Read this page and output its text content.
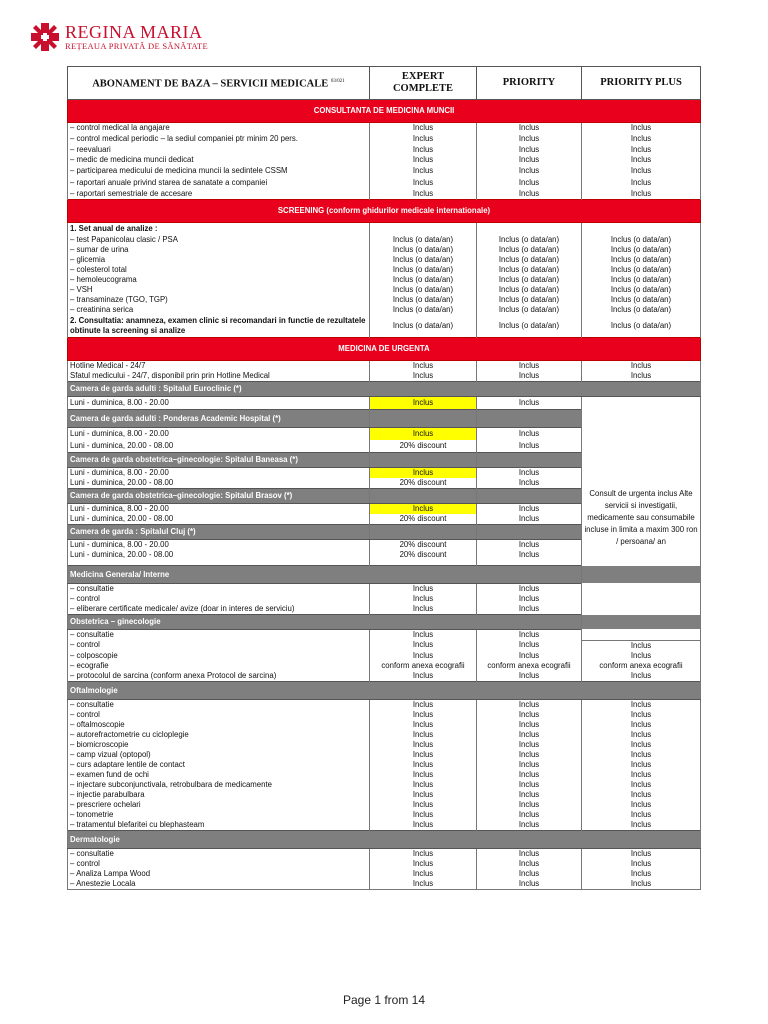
REGINA MARIA
REȚEAUA PRIVATĂ DE SĂNĂTATE
ABONAMENT DE BAZA – SERVICII MEDICALE $^{03/021}$	EXPERT COMPLETE	PRIORITY	PRIORITY PLUS	
CONSULTANTA DE MEDICINA MUNCII				
– control medical la angajare	Inclus	Inclus	Inclus	
– control medical periodic – la sediul companiei ptr minim 20 pers.	Inclus	Inclus	Inclus	
– reevaluari	Inclus	Inclus	Inclus	
– medic de medicina muncii dedicat	Inclus	Inclus	Inclus	
– participarea medicului de medicina muncii la sedintele CSSM	Inclus	Inclus	Inclus	
– raportari anuale privind starea de sanatate a companiei	Inclus	Inclus	Inclus	
– raportari semestriale de accesare	Inclus	Inclus	Inclus	
SCREENING (conform ghidurilor medicale internationale)				
1. Set anual de analize :				
– test Papanicolau clasic / PSA	Inclus (o data/an)	Inclus (o data/an)	Inclus (o data/an)	
– sumar de urina	Inclus (o data/an)	Inclus (o data/an)	Inclus (o data/an)	
– glicemia	Inclus (o data/an)	Inclus (o data/an)	Inclus (o data/an)	
– colesterol total	Inclus (o data/an)	Inclus (o data/an)	Inclus (o data/an)	
– hemoleucograma	Inclus (o data/an)	Inclus (o data/an)	Inclus (o data/an)	
– VSH	Inclus (o data/an)	Inclus (o data/an)	Inclus (o data/an)	
– transaminaze (TGO, TGP)	Inclus (o data/an)	Inclus (o data/an)	Inclus (o data/an)	
– creatinina serica	Inclus (o data/an)	Inclus (o data/an)	Inclus (o data/an)	
2. Consultatia: anamneza, examen clinic si recomandari in functie de rezultatele obtinute la screening si analize	Inclus (o data/an)	Inclus (o data/an)	Inclus (o data/an)	
MEDICINA DE URGENTA				
Hotline Medical - 24/7	Inclus	Inclus	Inclus	
Sfatul medicului - 24/7, disponibil prin prin Hotline Medical	Inclus	Inclus	Inclus	
Camera de garda adulti : Spitalul Euroclinic (*)				
Luni - duminica, 8.00 - 20.00	Inclus	Inclus	Consult de urgenta inclus Alte servicii si investigatii, medicamente sau consumabile incluse in limita a maxim 300 ron / persoana/ an	
Camera de garda adulti : Ponderas Academic Hospital (*)				
Luni - duminica, 8.00 - 20.00	Inclus	Inclus		
Luni - duminica, 20.00 - 08.00	20% discount	Inclus		
Camera de garda obstetrica–ginecologie: Spitalul Baneasa (*)				
Luni - duminica, 8.00 - 20.00	Inclus	Inclus		
Luni - duminica, 20.00 - 08.00	20% discount	Inclus		
Camera de garda obstetrica–ginecologie: Spitalul Brasov (*)				
Luni - duminica, 8.00 - 20.00	Inclus	Inclus		
Luni - duminica, 20.00 - 08.00	20% discount	Inclus		
Camera de garda : Spitalul Cluj (*)				
Luni - duminica, 8.00 - 20.00	20% discount	Inclus		
Luni - duminica, 20.00 - 08.00	20% discount	Inclus		

Medicina Generala/ Interne				
– consultatie	Inclus	Inclus	
– control	Inclus	Inclus	
– eliberare certificate medicale/ avize (doar in interes de serviciu)	Inclus	Inclus	
Obstetrica – ginecologie				
– consultatie	Inclus	Inclus	
– control	Inclus	Inclus	Inclus	
– colposcopie	Inclus	Inclus	Inclus	
– ecografie	conform anexa ecografii	conform anexa ecografii	conform anexa ecografii	
– protocolul de sarcina (conform anexa Protocol de sarcina)	Inclus	Inclus	Inclus	
Oftalmologie				
– consultatie	Inclus	Inclus	Inclus	
– control	Inclus	Inclus	Inclus	
– oftalmoscopie	Inclus	Inclus	Inclus	
– autorefractometrie cu cicloplegie	Inclus	Inclus	Inclus	
– biomicroscopie	Inclus	Inclus	Inclus	
– camp vizual (optopol)	Inclus	Inclus	Inclus	
– curs adaptare lentile de contact	Inclus	Inclus	Inclus	
– examen fund de ochi	Inclus	Inclus	Inclus	
– injectare subconjunctivala, retrobulbara de medicamente	Inclus	Inclus	Inclus	
– injectie parabulbara	Inclus	Inclus	Inclus	
– prescriere ochelari	Inclus	Inclus	Inclus	
– tonometrie	Inclus	Inclus	Inclus	
– tratamentul blefaritei cu blephasteam	Inclus	Inclus	Inclus	
Dermatologie				
– consultatie	Inclus	Inclus	Inclus	
– control	Inclus	Inclus	Inclus	
– Analiza Lampa Wood	Inclus	Inclus	Inclus	
– Anestezie Locala	Inclus	Inclus	Inclus	
Page 1 from 14
